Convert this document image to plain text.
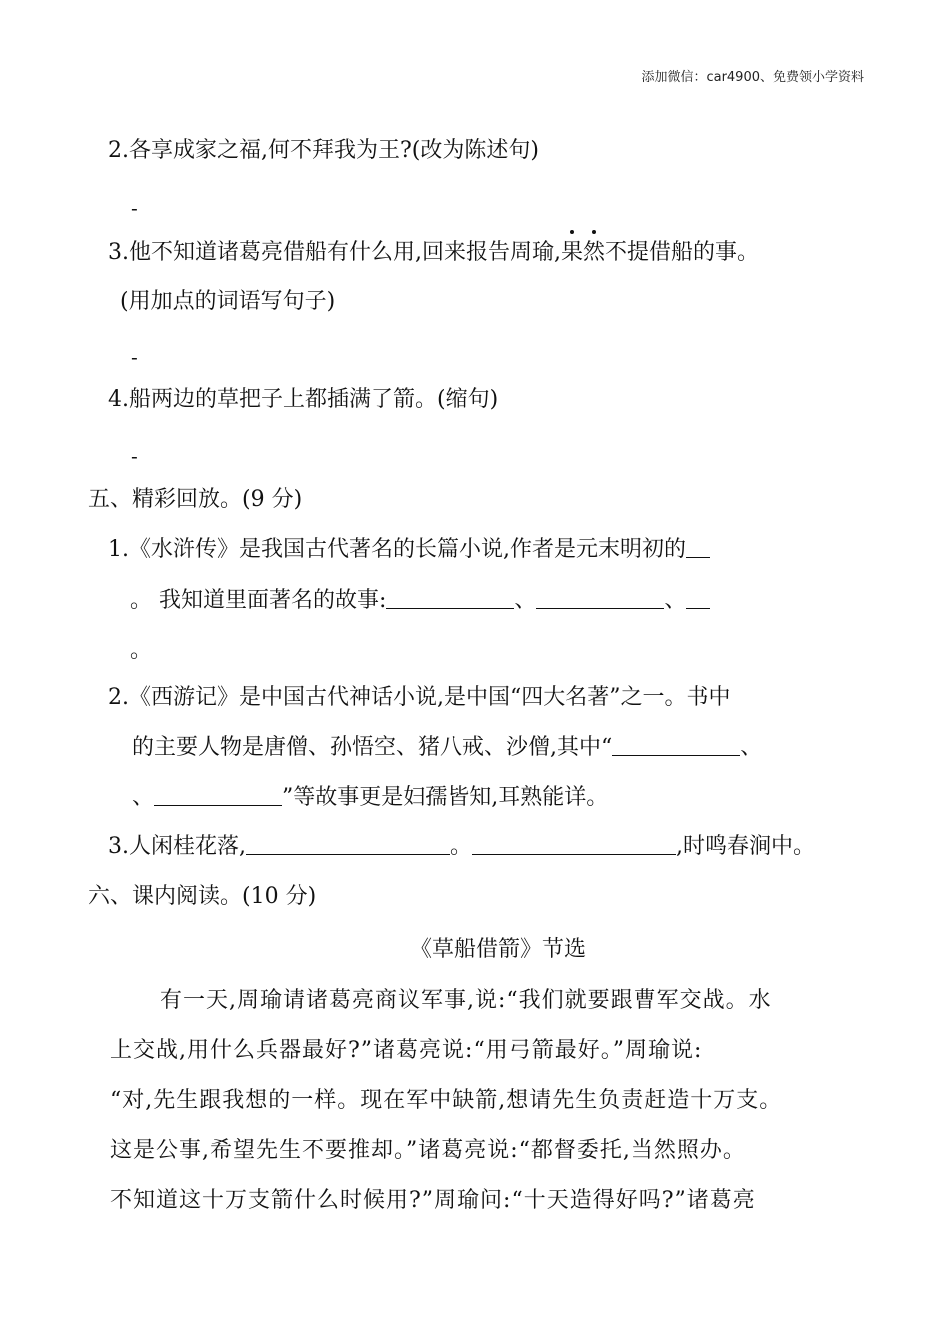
添加微信：car4900、免费领小学资料
2.各享成家之福,何不拜我为王?(改为陈述句)
-
3.他不知道诸葛亮借船有什么用,回来报告周瑜,果然不提借船的事。
(用加点的词语写句子)
-
4.船两边的草把子上都插满了箭。(缩句)
-
五、精彩回放。(9 分)
1.《水浒传》是我国古代著名的长篇小说,作者是元末明初的
。 我知道里面著名的故事:	、	、
。
2.《西游记》是中国古代神话小说,是中国“四大名著”之一。书中
的主要人物是唐僧、孙悟空、猪八戒、沙僧,其中“	、
、	”等故事更是妇孺皆知,耳熟能详。
3.人闲桂花落,	。	,时鸣春涧中。
六、课内阅读。(10 分)
《草船借箭》节选
有一天,周瑜请诸葛亮商议军事,说:“我们就要跟曹军交战。水
上交战,用什么兵器最好?”诸葛亮说:“用弓箭最好。”周瑜说:
“对,先生跟我想的一样。现在军中缺箭,想请先生负责赶造十万支。
这是公事,希望先生不要推却。”诸葛亮说:“都督委托,当然照办。
不知道这十万支箭什么时候用?”周瑜问:“十天造得好吗?”诸葛亮
